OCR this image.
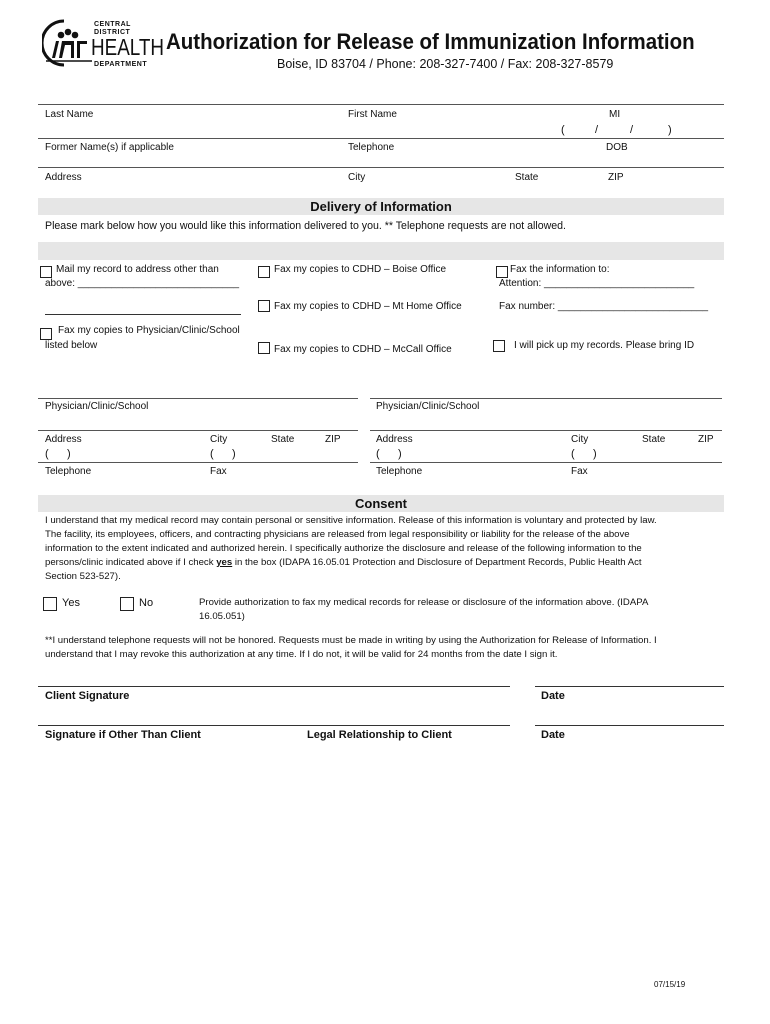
CENTRAL
DISTRICT
HEALTH
DEPARTMENT
Authorization for Release of Immunization Information
Boise, ID 83704 / Phone: 208-327-7400 / Fax: 208-327-8579
Last Name	First Name	MI
(	/	/	)
Former Name(s) if applicable	Telephone	DOB
Address	City	State	ZIP
Delivery of Information
Please mark below how you would like this information delivered to you. ** Telephone requests are not allowed.
Mail my record to address other than
above: _____________________________
Fax my copies to CDHD – Boise Office	Fax the information to:
Attention: ___________________________
Fax my copies to CDHD – Mt Home Office	Fax number: ___________________________
Fax my copies to Physician/Clinic/School
listed below	Fax my copies to CDHD – McCall Office	I will pick up my records. Please bring ID
Physician/Clinic/School	Physician/Clinic/School
Address	City	State	ZIP	Address	City	State	ZIP
(      )	(      )	(      )	(      )
Telephone	Fax	Telephone	Fax
Consent
I understand that my medical record may contain personal or sensitive information. Release of this information is voluntary and protected by law.
The facility, its employees, officers, and contracting physicians are released from legal responsibility or liability for the release of the above
information to the extent indicated and authorized herein. I specifically authorize the disclosure and release of the following information to the
persons/clinic indicated above if I check yes in the box (IDAPA 16.05.01 Protection and Disclosure of Department Records, Public Health Act
Section 523-527).
Yes	No	Provide authorization to fax my medical records for release or disclosure of the information above. (IDAPA
16.05.051)
**I understand telephone requests will not be honored. Requests must be made in writing by using the Authorization for Release of Information. I
understand that I may revoke this authorization at any time. If I do not, it will be valid for 24 months from the date I sign it.
Client Signature	Date
Signature if Other Than Client	Legal Relationship to Client	Date
07/15/19
